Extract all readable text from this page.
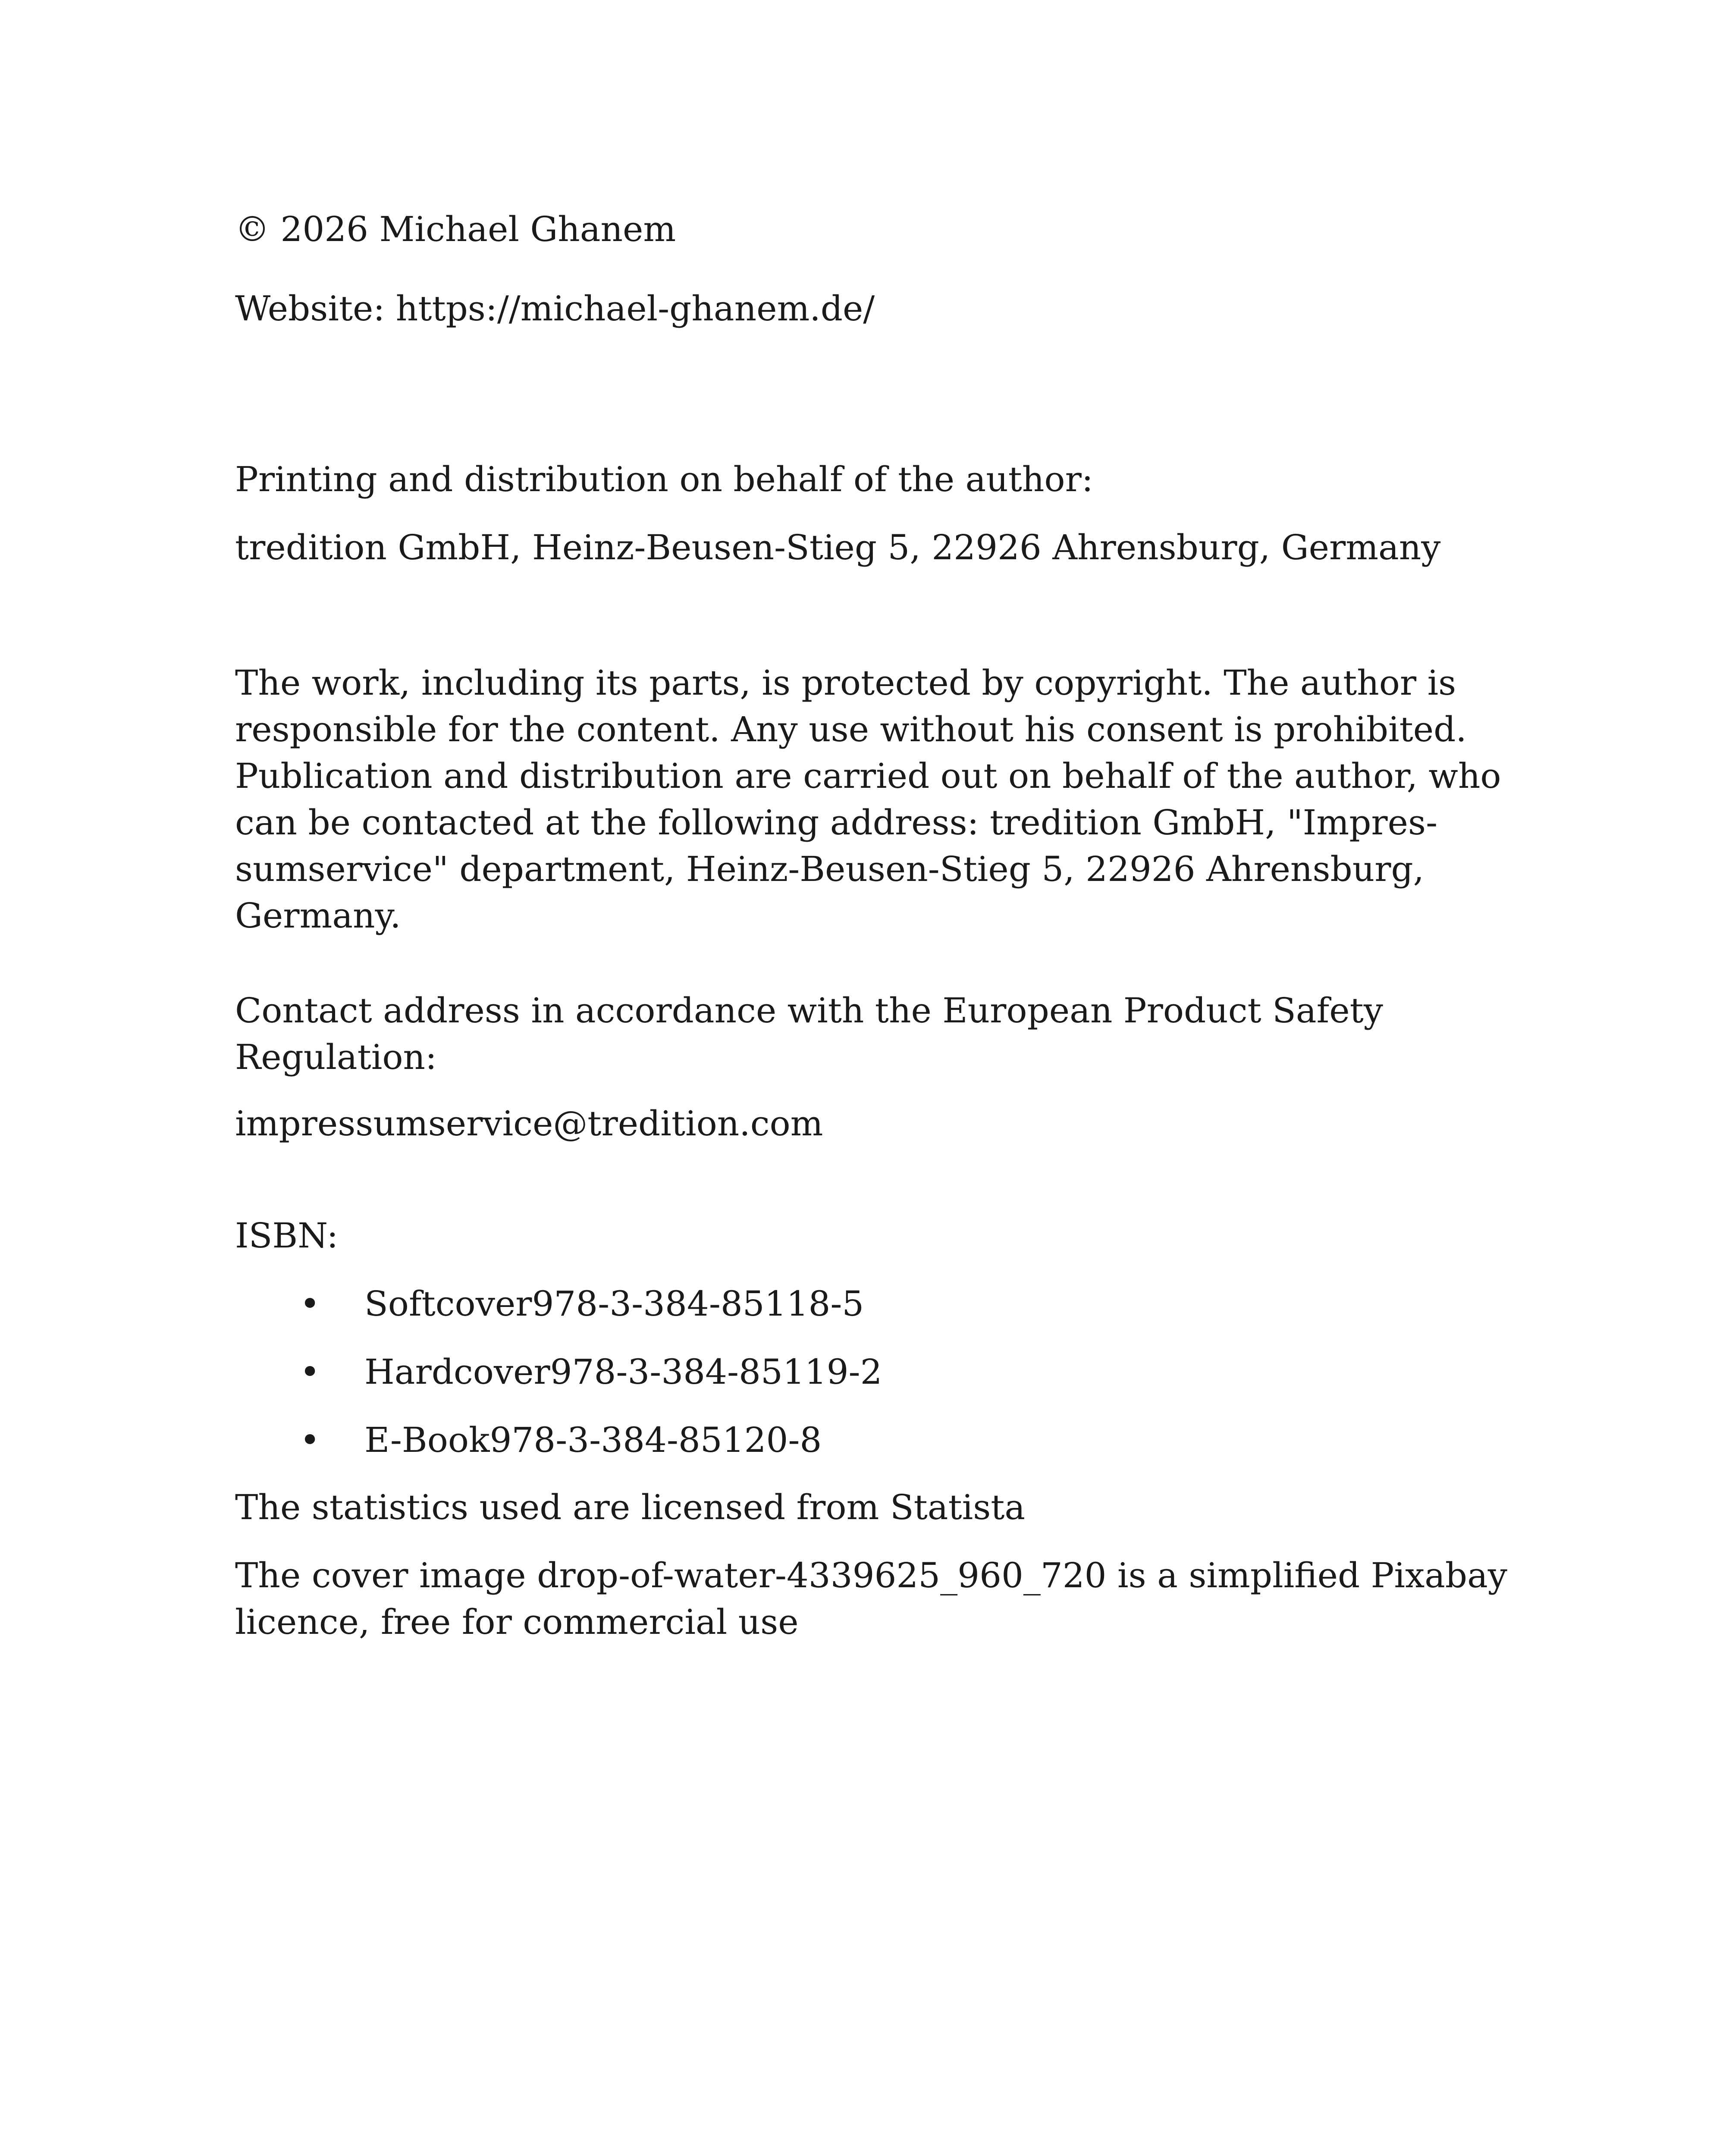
© 2026 Michael Ghanem

Website: https://michael-ghanem.de/

Printing and distribution on behalf of the author:

tredition GmbH, Heinz-Beusen-Stieg 5, 22926 Ahrensburg, Germany

The work, including its parts, is protected by copyright. The author is responsible for the content. Any use without his consent is prohibited. Publication and distribution are carried out on behalf of the author, who can be contacted at the following address: tredition GmbH, "Impressumservice" department, Heinz-Beusen-Stieg 5, 22926 Ahrensburg, Germany.

Contact address in accordance with the European Product Safety Regulation:

impressumservice@tredition.com

ISBN:

• Softcover978-3-384-85118-5
• Hardcover978-3-384-85119-2
• E-Book978-3-384-85120-8

The statistics used are licensed from Statista

The cover image drop-of-water-4339625_960_720 is a simplified Pixabay licence, free for commercial use
